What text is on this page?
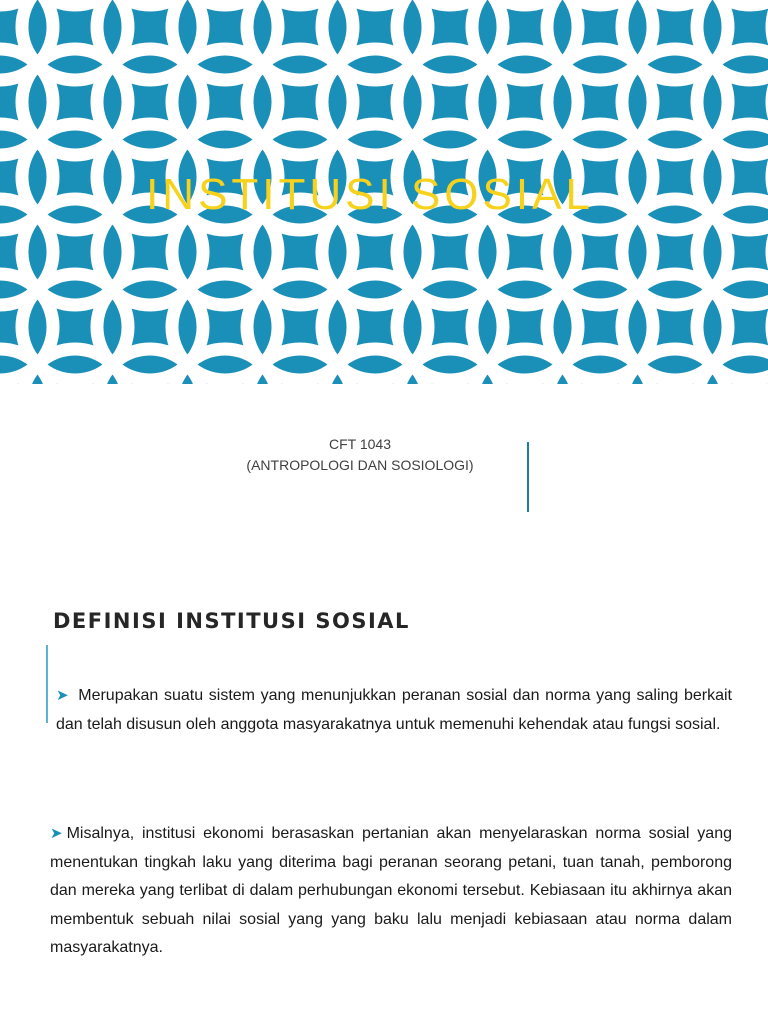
INSTITUSI SOSIAL
CFT 1043
(ANTROPOLOGI DAN SOSIOLOGI)
DEFINISI INSTITUSI SOSIAL

➤ Merupakan suatu sistem yang menunjukkan peranan sosial dan norma yang saling berkait dan telah disusun oleh anggota masyarakatnya untuk memenuhi kehendak atau fungsi sosial.

➤ Misalnya, institusi ekonomi berasaskan pertanian akan menyelaraskan norma sosial yang menentukan tingkah laku yang diterima bagi peranan seorang petani, tuan tanah, pemborong dan mereka yang terlibat di dalam perhubungan ekonomi tersebut. Kebiasaan itu akhirnya akan membentuk sebuah nilai sosial yang yang baku lalu menjadi kebiasaan atau norma dalam masyarakatnya.
